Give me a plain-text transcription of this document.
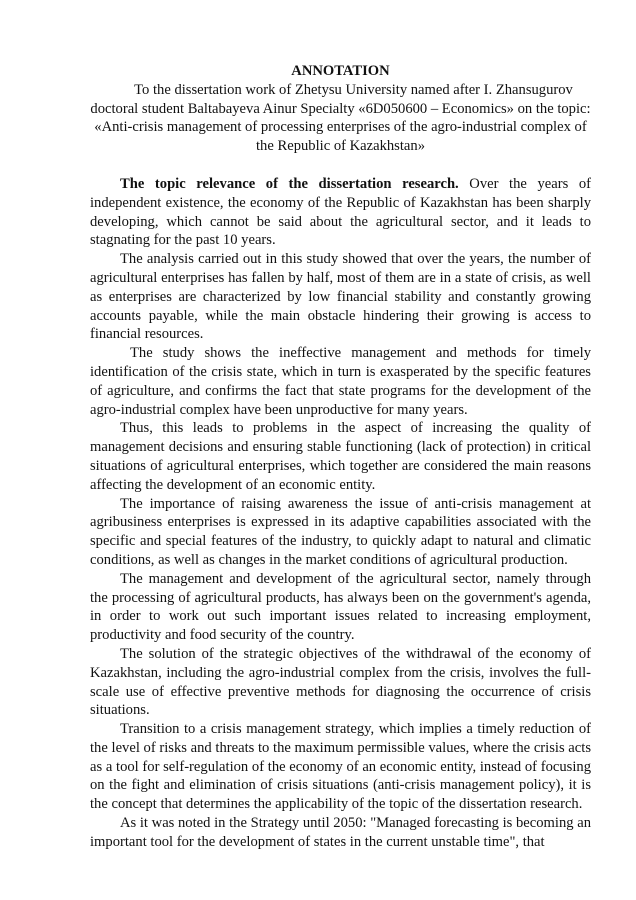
ANNOTATION

To the dissertation work of Zhetysu University named after I. Zhansugurov doctoral student Baltabayeva Ainur Specialty «6D050600 – Economics» on the topic: «Anti-crisis management of processing enterprises of the agro-industrial complex of the Republic of Kazakhstan»

The topic relevance of the dissertation research. Over the years of independent existence, the economy of the Republic of Kazakhstan has been sharply developing, which cannot be said about the agricultural sector, and it leads to stagnating for the past 10 years.

The analysis carried out in this study showed that over the years, the number of agricultural enterprises has fallen by half, most of them are in a state of crisis, as well as enterprises are characterized by low financial stability and constantly growing accounts payable, while the main obstacle hindering their growing is access to financial resources.

The study shows the ineffective management and methods for timely identification of the crisis state, which in turn is exasperated by the specific features of agriculture, and confirms the fact that state programs for the development of the agro-industrial complex have been unproductive for many years.

Thus, this leads to problems in the aspect of increasing the quality of management decisions and ensuring stable functioning (lack of protection) in critical situations of agricultural enterprises, which together are considered the main reasons affecting the development of an economic entity.

The importance of raising awareness the issue of anti-crisis management at agribusiness enterprises is expressed in its adaptive capabilities associated with the specific and special features of the industry, to quickly adapt to natural and climatic conditions, as well as changes in the market conditions of agricultural production.

The management and development of the agricultural sector, namely through the processing of agricultural products, has always been on the government's agenda, in order to work out such important issues related to increasing employment, productivity and food security of the country.

The solution of the strategic objectives of the withdrawal of the economy of Kazakhstan, including the agro-industrial complex from the crisis, involves the full-scale use of effective preventive methods for diagnosing the occurrence of crisis situations.

Transition to a crisis management strategy, which implies a timely reduction of the level of risks and threats to the maximum permissible values, where the crisis acts as a tool for self-regulation of the economy of an economic entity, instead of focusing on the fight and elimination of crisis situations (anti-crisis management policy), it is the concept that determines the applicability of the topic of the dissertation research.

As it was noted in the Strategy until 2050: "Managed forecasting is becoming an important tool for the development of states in the current unstable time", that
